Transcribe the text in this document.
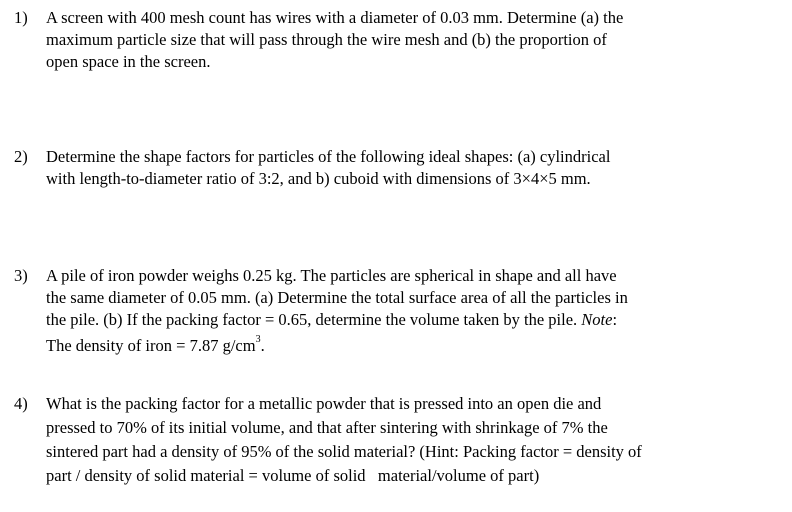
1) A screen with 400 mesh count has wires with a diameter of 0.03 mm. Determine (a) the
maximum particle size that will pass through the wire mesh and (b) the proportion of
open space in the screen.
2) Determine the shape factors for particles of the following ideal shapes: (a) cylindrical
with length-to-diameter ratio of 3:2, and b) cuboid with dimensions of 3×4×5 mm.
3) A pile of iron powder weighs 0.25 kg. The particles are spherical in shape and all have
the same diameter of 0.05 mm. (a) Determine the total surface area of all the particles in
the pile. (b) If the packing factor = 0.65, determine the volume taken by the pile. Note:
The density of iron = 7.87 $g/cm^3$.
4) What is the packing factor for a metallic powder that is pressed into an open die and
pressed to 70% of its initial volume, and that after sintering with shrinkage of 7% the
sintered part had a density of 95% of the solid material? (Hint: Packing factor = density of
part / density of solid material = volume of solid   material/volume of part)
